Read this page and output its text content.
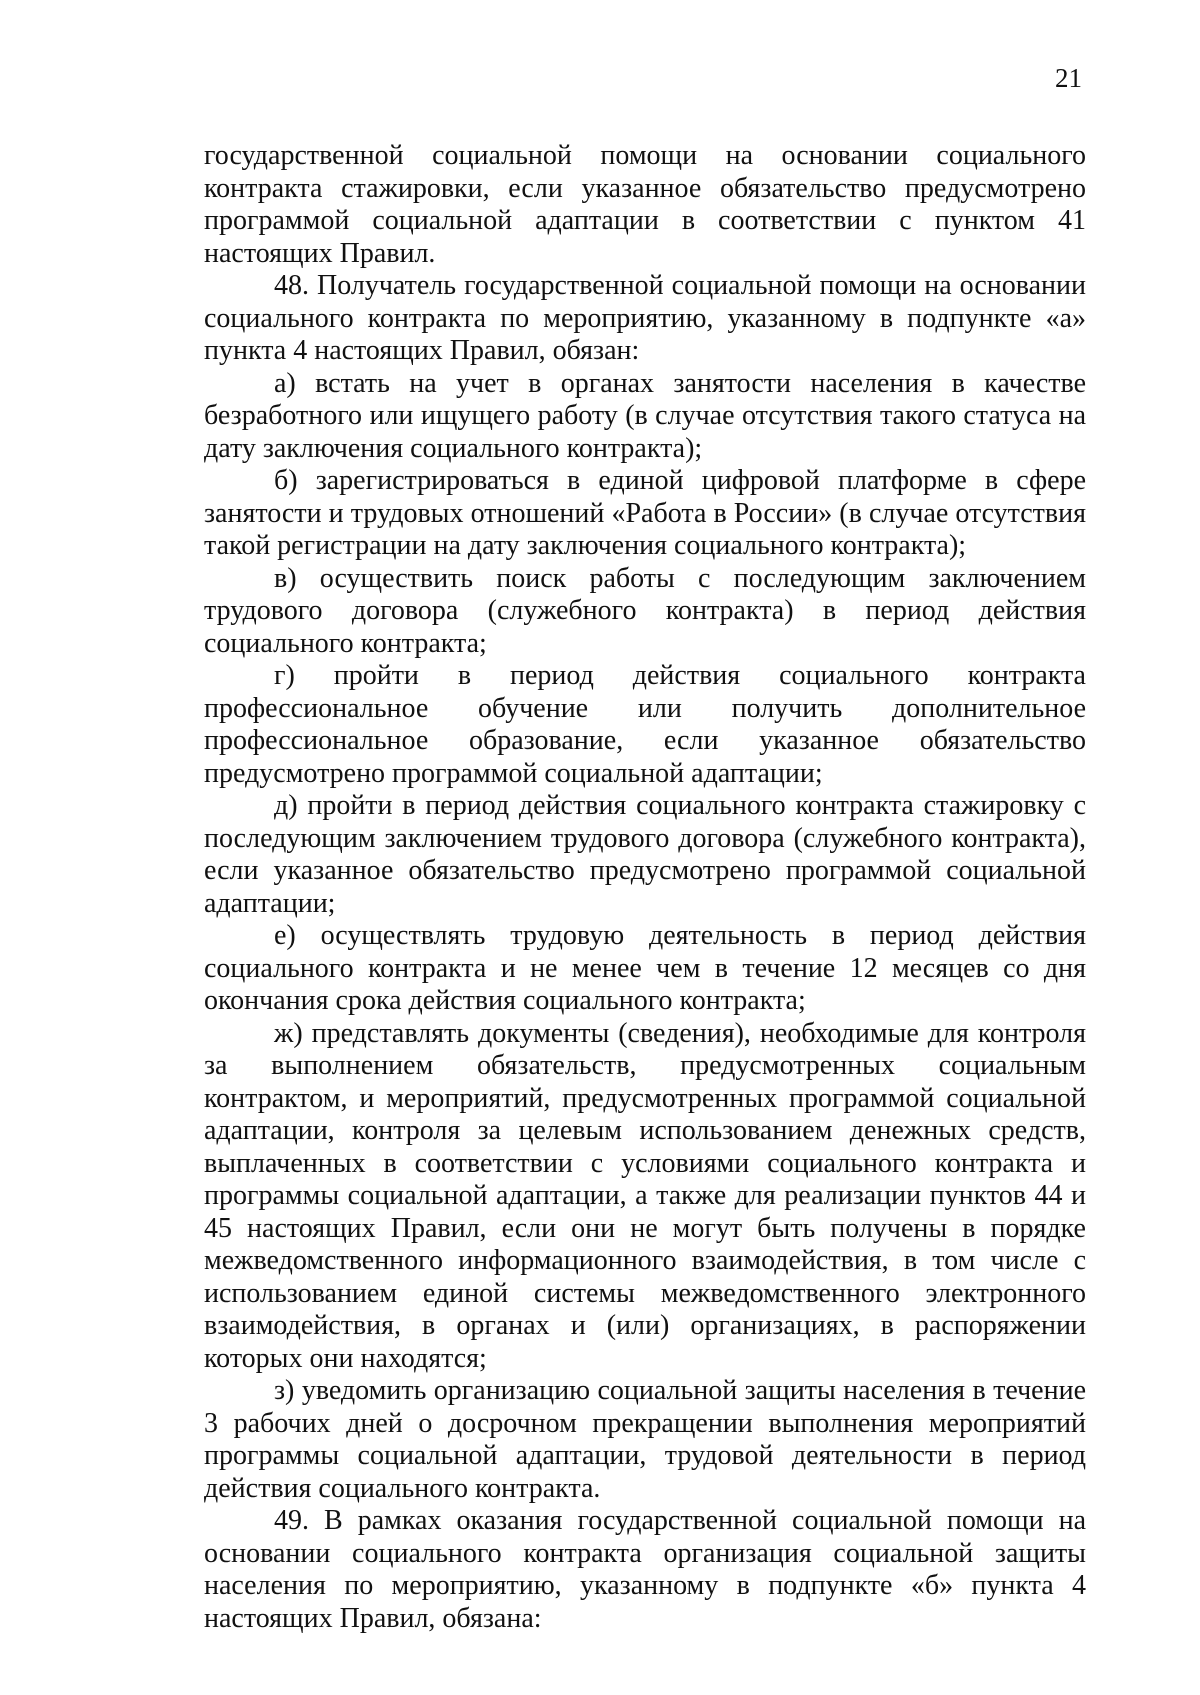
21

государственной социальной помощи на основании социального контракта стажировки, если указанное обязательство предусмотрено программой социальной адаптации в соответствии с пунктом 41 настоящих Правил.

48. Получатель государственной социальной помощи на основании социального контракта по мероприятию, указанному в подпункте «а» пункта 4 настоящих Правил, обязан:

а) встать на учет в органах занятости населения в качестве безработного или ищущего работу (в случае отсутствия такого статуса на дату заключения социального контракта);

б) зарегистрироваться в единой цифровой платформе в сфере занятости и трудовых отношений «Работа в России» (в случае отсутствия такой регистрации на дату заключения социального контракта);

в) осуществить поиск работы с последующим заключением трудового договора (служебного контракта) в период действия социального контракта;

г) пройти в период действия социального контракта профессиональное обучение или получить дополнительное профессиональное образование, если указанное обязательство предусмотрено программой социальной адаптации;

д) пройти в период действия социального контракта стажировку с последующим заключением трудового договора (служебного контракта), если указанное обязательство предусмотрено программой социальной адаптации;

е) осуществлять трудовую деятельность в период действия социального контракта и не менее чем в течение 12 месяцев со дня окончания срока действия социального контракта;

ж) представлять документы (сведения), необходимые для контроля за выполнением обязательств, предусмотренных социальным контрактом, и мероприятий, предусмотренных программой социальной адаптации, контроля за целевым использованием денежных средств, выплаченных в соответствии с условиями социального контракта и программы социальной адаптации, а также для реализации пунктов 44 и 45 настоящих Правил, если они не могут быть получены в порядке межведомственного информационного взаимодействия, в том числе с использованием единой системы межведомственного электронного взаимодействия, в органах и (или) организациях, в распоряжении которых они находятся;

з) уведомить организацию социальной защиты населения в течение 3 рабочих дней о досрочном прекращении выполнения мероприятий программы социальной адаптации, трудовой деятельности в период действия социального контракта.

49. В рамках оказания государственной социальной помощи на основании социального контракта организация социальной защиты населения по мероприятию, указанному в подпункте «б» пункта 4 настоящих Правил, обязана:
